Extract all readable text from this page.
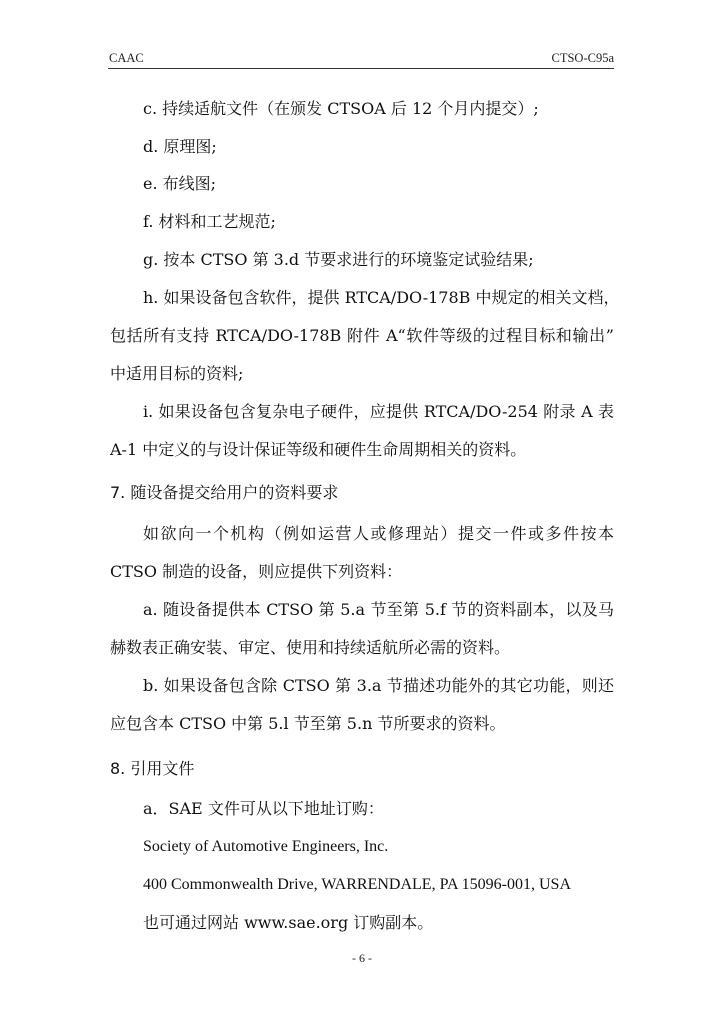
CAAC	CTSO-C95a
c. 持续适航文件（在颁发 CTSOA 后 12 个月内提交）;
d. 原理图;
e. 布线图;
f. 材料和工艺规范;
g. 按本 CTSO 第 3.d 节要求进行的环境鉴定试验结果;
h. 如果设备包含软件，提供 RTCA/DO-178B 中规定的相关文档，
包括所有支持 RTCA/DO-178B 附件 A“软件等级的过程目标和输出”
中适用目标的资料;
i. 如果设备包含复杂电子硬件，应提供 RTCA/DO-254 附录 A 表
A-1 中定义的与设计保证等级和硬件生命周期相关的资料。
7. 随设备提交给用户的资料要求
如欲向一个机构（例如运营人或修理站）提交一件或多件按本
CTSO 制造的设备，则应提供下列资料：
a. 随设备提供本 CTSO 第 5.a 节至第 5.f 节的资料副本，以及马
赫数表正确安装、审定、使用和持续适航所必需的资料。
b. 如果设备包含除 CTSO 第 3.a 节描述功能外的其它功能，则还
应包含本 CTSO 中第 5.l 节至第 5.n 节所要求的资料。
8. 引用文件
a．SAE 文件可从以下地址订购：
Society of Automotive Engineers, Inc.
400 Commonwealth Drive, WARRENDALE, PA 15096-001, USA
也可通过网站 www.sae.org 订购副本。
- 6 -
